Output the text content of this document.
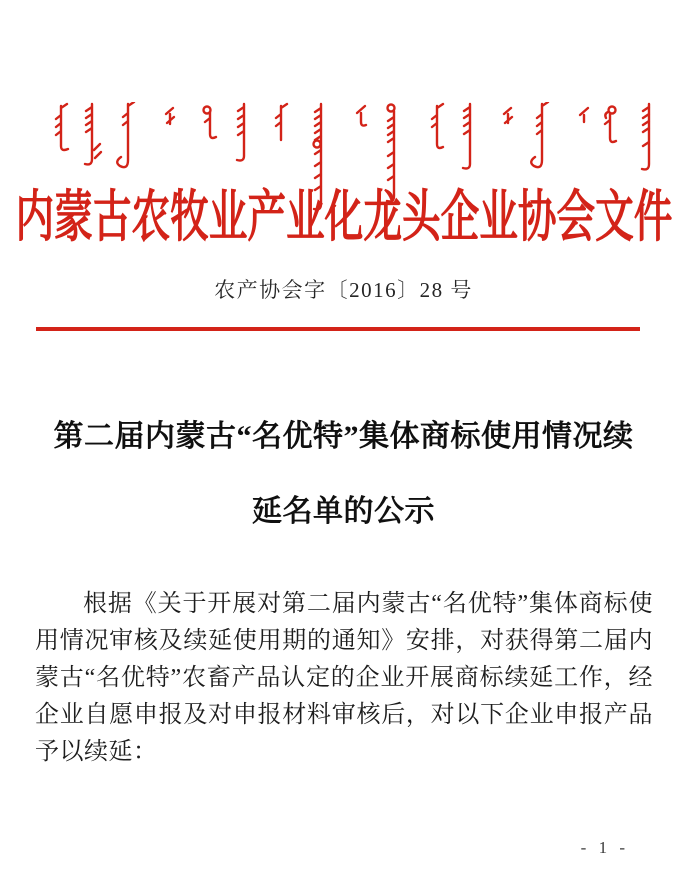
内蒙古农牧业产业化龙头企业协会文件
农产协会字〔2016〕28 号
第二届内蒙古“名优特”集体商标使用情况续
延名单的公示

根据《关于开展对第二届内蒙古“名优特”集体商标使用情况审核及续延使用期的通知》安排，对获得第二届内蒙古“名优特”农畜产品认定的企业开展商标续延工作，经企业自愿申报及对申报材料审核后，对以下企业申报产品予以续延：

- 1 -
